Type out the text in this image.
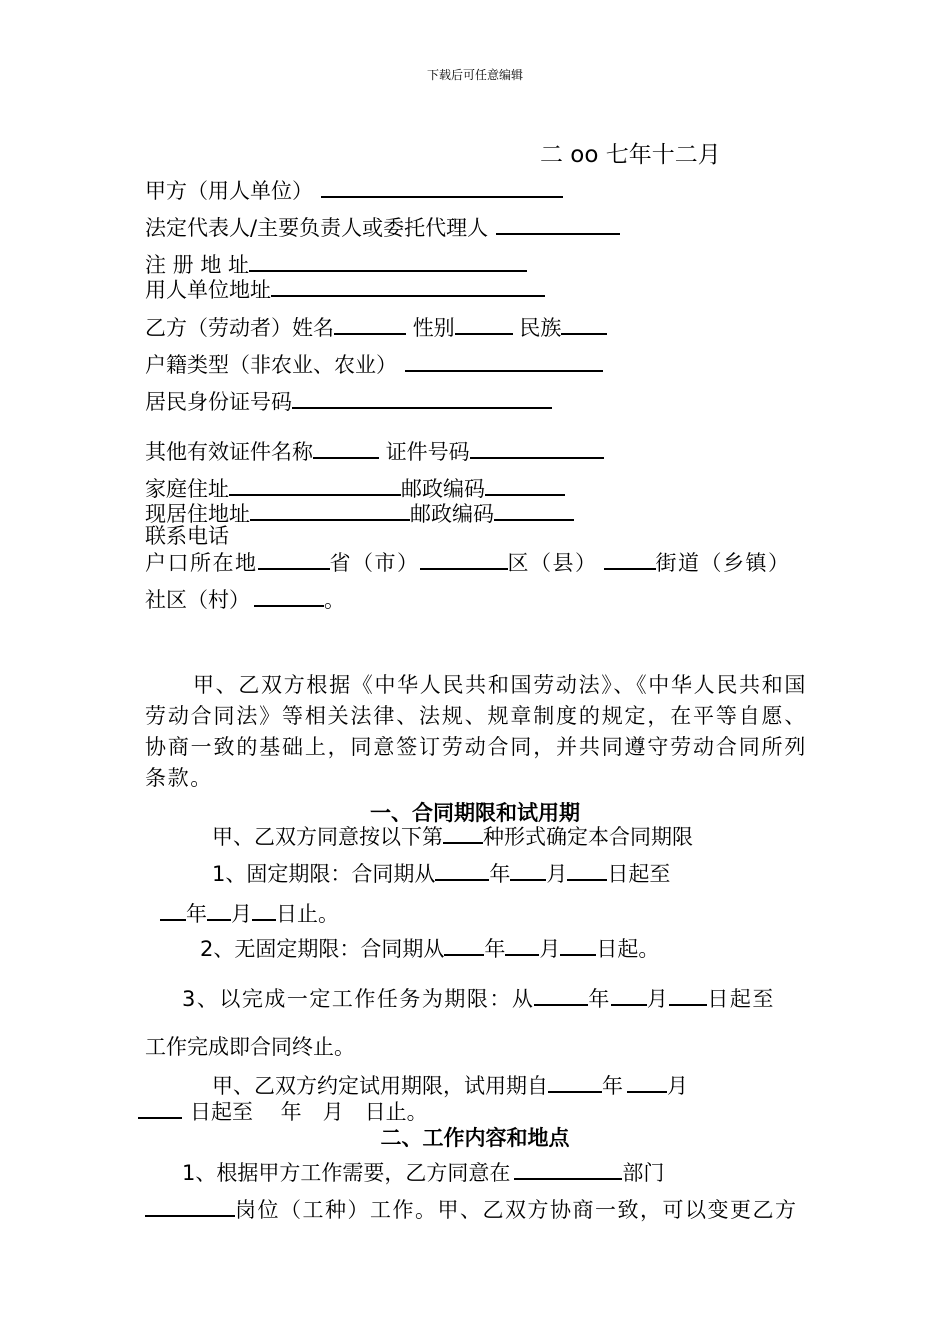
下载后可任意编辑
二 oo 七年十二月
甲方（用人单位）
法定代表人/主要负责人或委托代理人
注 册 地 址
用人单位地址
乙方（劳动者）姓名	性别	民族
户籍类型（非农业、农业）
居民身份证号码
其他有效证件名称	证件号码
家庭住址	邮政编码
现居住地址	邮政编码
联系电话
户口所在地	省（市）	区（县）	街道（乡镇）
社区（村）	。
甲、乙双方根据《中华人民共和国劳动法》、《中华人民共和国劳动合同法》等相关法律、法规、规章制度的规定，在平等自愿、协商一致的基础上，同意签订劳动合同，并共同遵守劳动合同所列条款。
一、合同期限和试用期
甲、乙双方同意按以下第 种形式确定本合同期限
1、固定期限：合同期从	年 月 日起至
年 月 日止。
2、无固定期限：合同期从 年 月 日起。
3、以完成一定工作任务为期限：从	年 月 日起至
工作完成即合同终止。
甲、乙双方约定试用期限，试用期自	年 月
日起至　 年　月　日止。
二、工作内容和地点
1、根据甲方工作需要，乙方同意在	部门
岗位（工种）工作。甲、乙双方协商一致，可以变更乙方
